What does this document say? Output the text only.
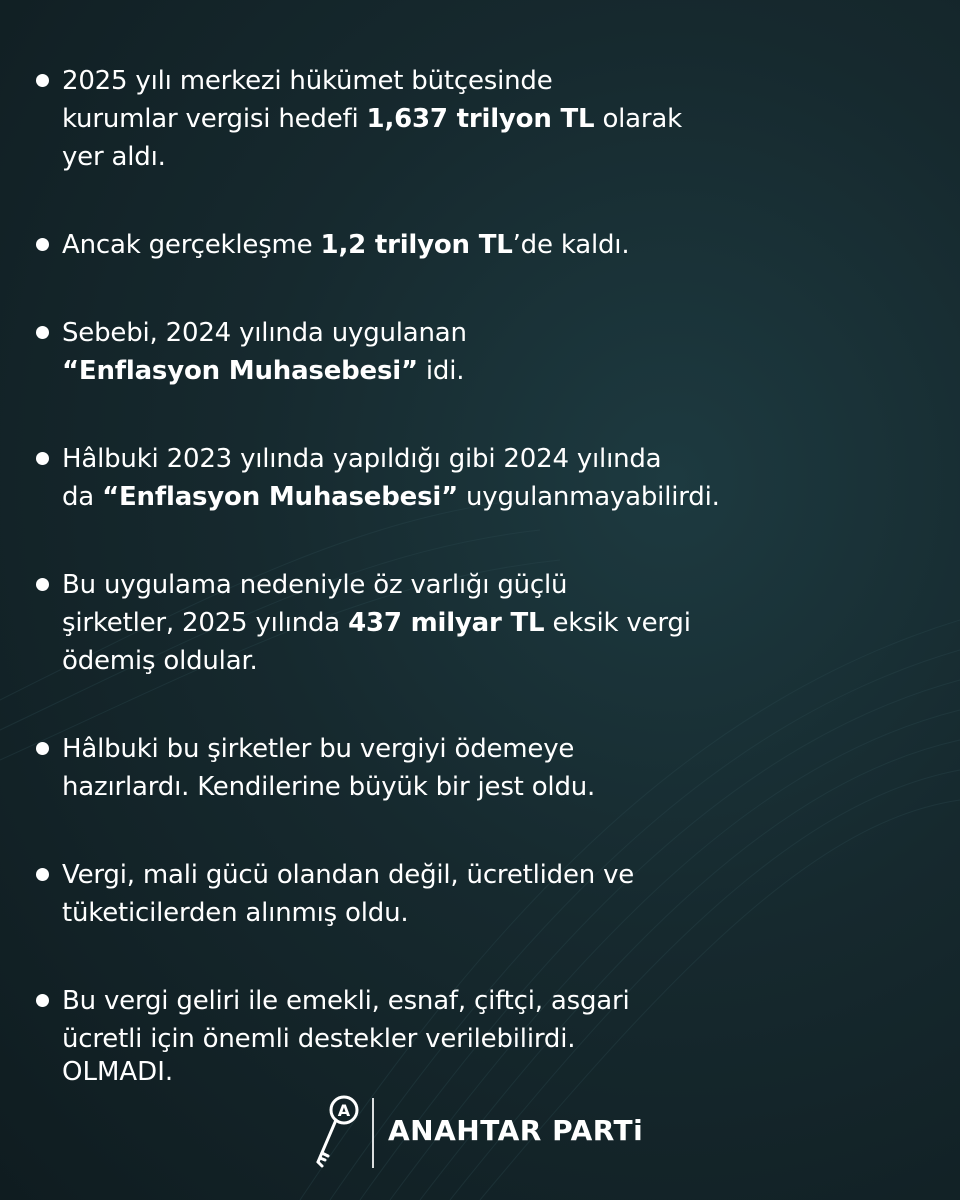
2025 yılı merkezi hükümet bütçesinde
kurumlar vergisi hedefi 1,637 trilyon TL olarak
yer aldı.
Ancak gerçekleşme 1,2 trilyon TL’de kaldı.
Sebebi, 2024 yılında uygulanan
“Enflasyon Muhasebesi” idi.
Hâlbuki 2023 yılında yapıldığı gibi 2024 yılında
da “Enflasyon Muhasebesi” uygulanmayabilirdi.
Bu uygulama nedeniyle öz varlığı güçlü
şirketler, 2025 yılında 437 milyar TL eksik vergi
ödemiş oldular.
Hâlbuki bu şirketler bu vergiyi ödemeye
hazırlardı. Kendilerine büyük bir jest oldu.
Vergi, mali gücü olandan değil, ücretliden ve
tüketicilerden alınmış oldu.
Bu vergi geliri ile emekli, esnaf, çiftçi, asgari
ücretli için önemli destekler verilebilirdi.
OLMADI.
A
ANAHTAR PARTi
